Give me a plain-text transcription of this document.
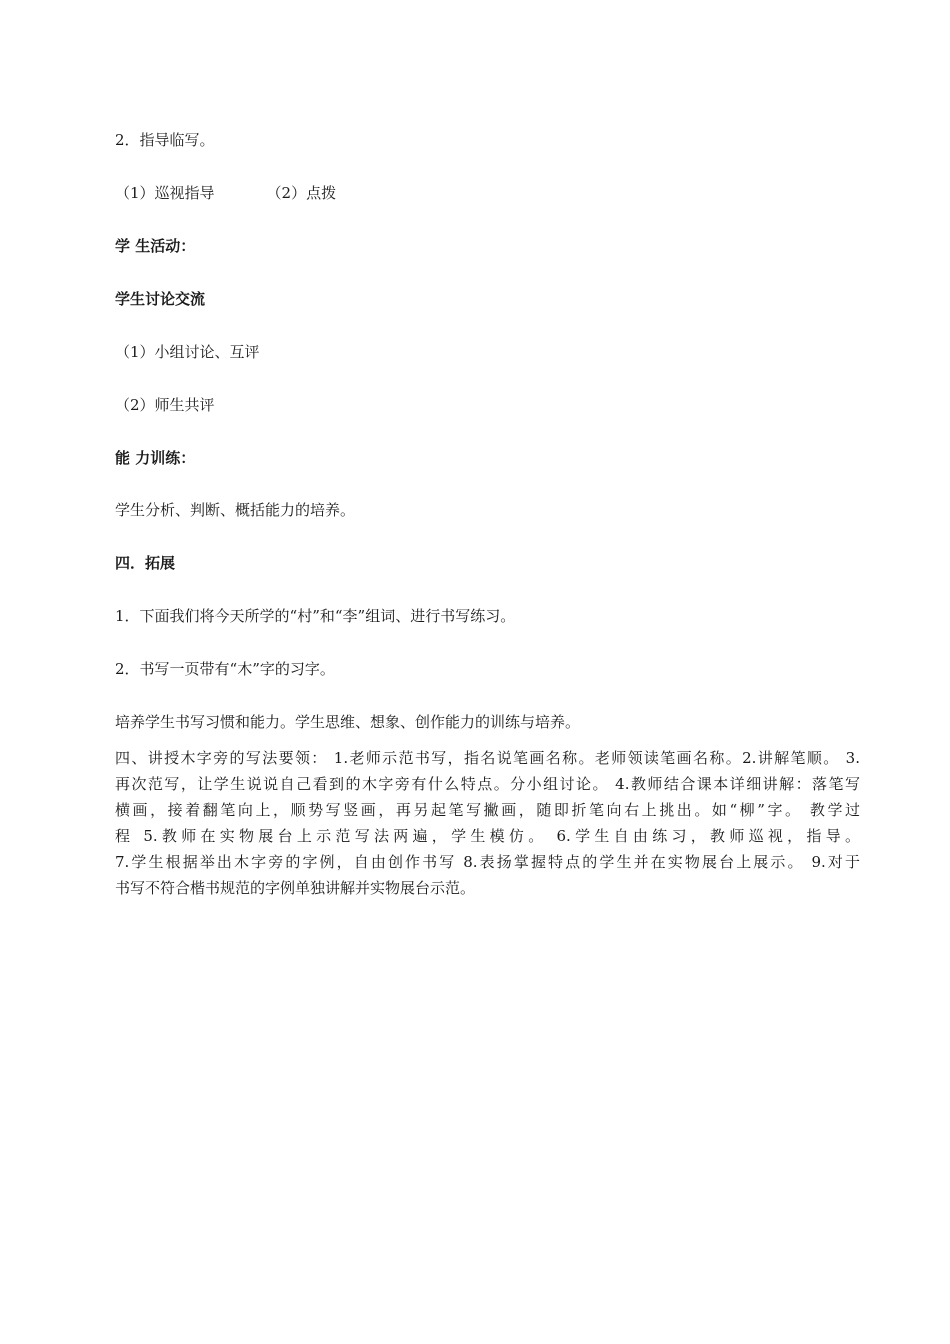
2．指导临写。
（1）巡视指导	（2）点拨
学 生活动：
学生讨论交流
（1）小组讨论、互评
（2）师生共评
能 力训练：
学生分析、判断、概括能力的培养。
四．拓展
1．下面我们将今天所学的“村”和“李”组词、进行书写练习。
2．书写一页带有“木”字的习字。
培养学生书写习惯和能力。学生思维、想象、创作能力的训练与培养。
四、讲授木字旁的写法要领： 1.老师示范书写，指名说笔画名称。老师领读笔画名称。2.讲解笔顺。 3.
再次范写，让学生说说自己看到的木字旁有什么特点。分小组讨论。 4.教师结合课本详细讲解：落笔写
横画，接着翻笔向上，顺势写竖画，再另起笔写撇画，随即折笔向右上挑出。如“柳”字。 教学过
程 5.教师在实物展台上示范写法两遍，学生模仿。 6.学生自由练习，教师巡视，指导。
7.学生根据举出木字旁的字例，自由创作书写 8.表扬掌握特点的学生并在实物展台上展示。 9.对于
书写不符合楷书规范的字例单独讲解并实物展台示范。
